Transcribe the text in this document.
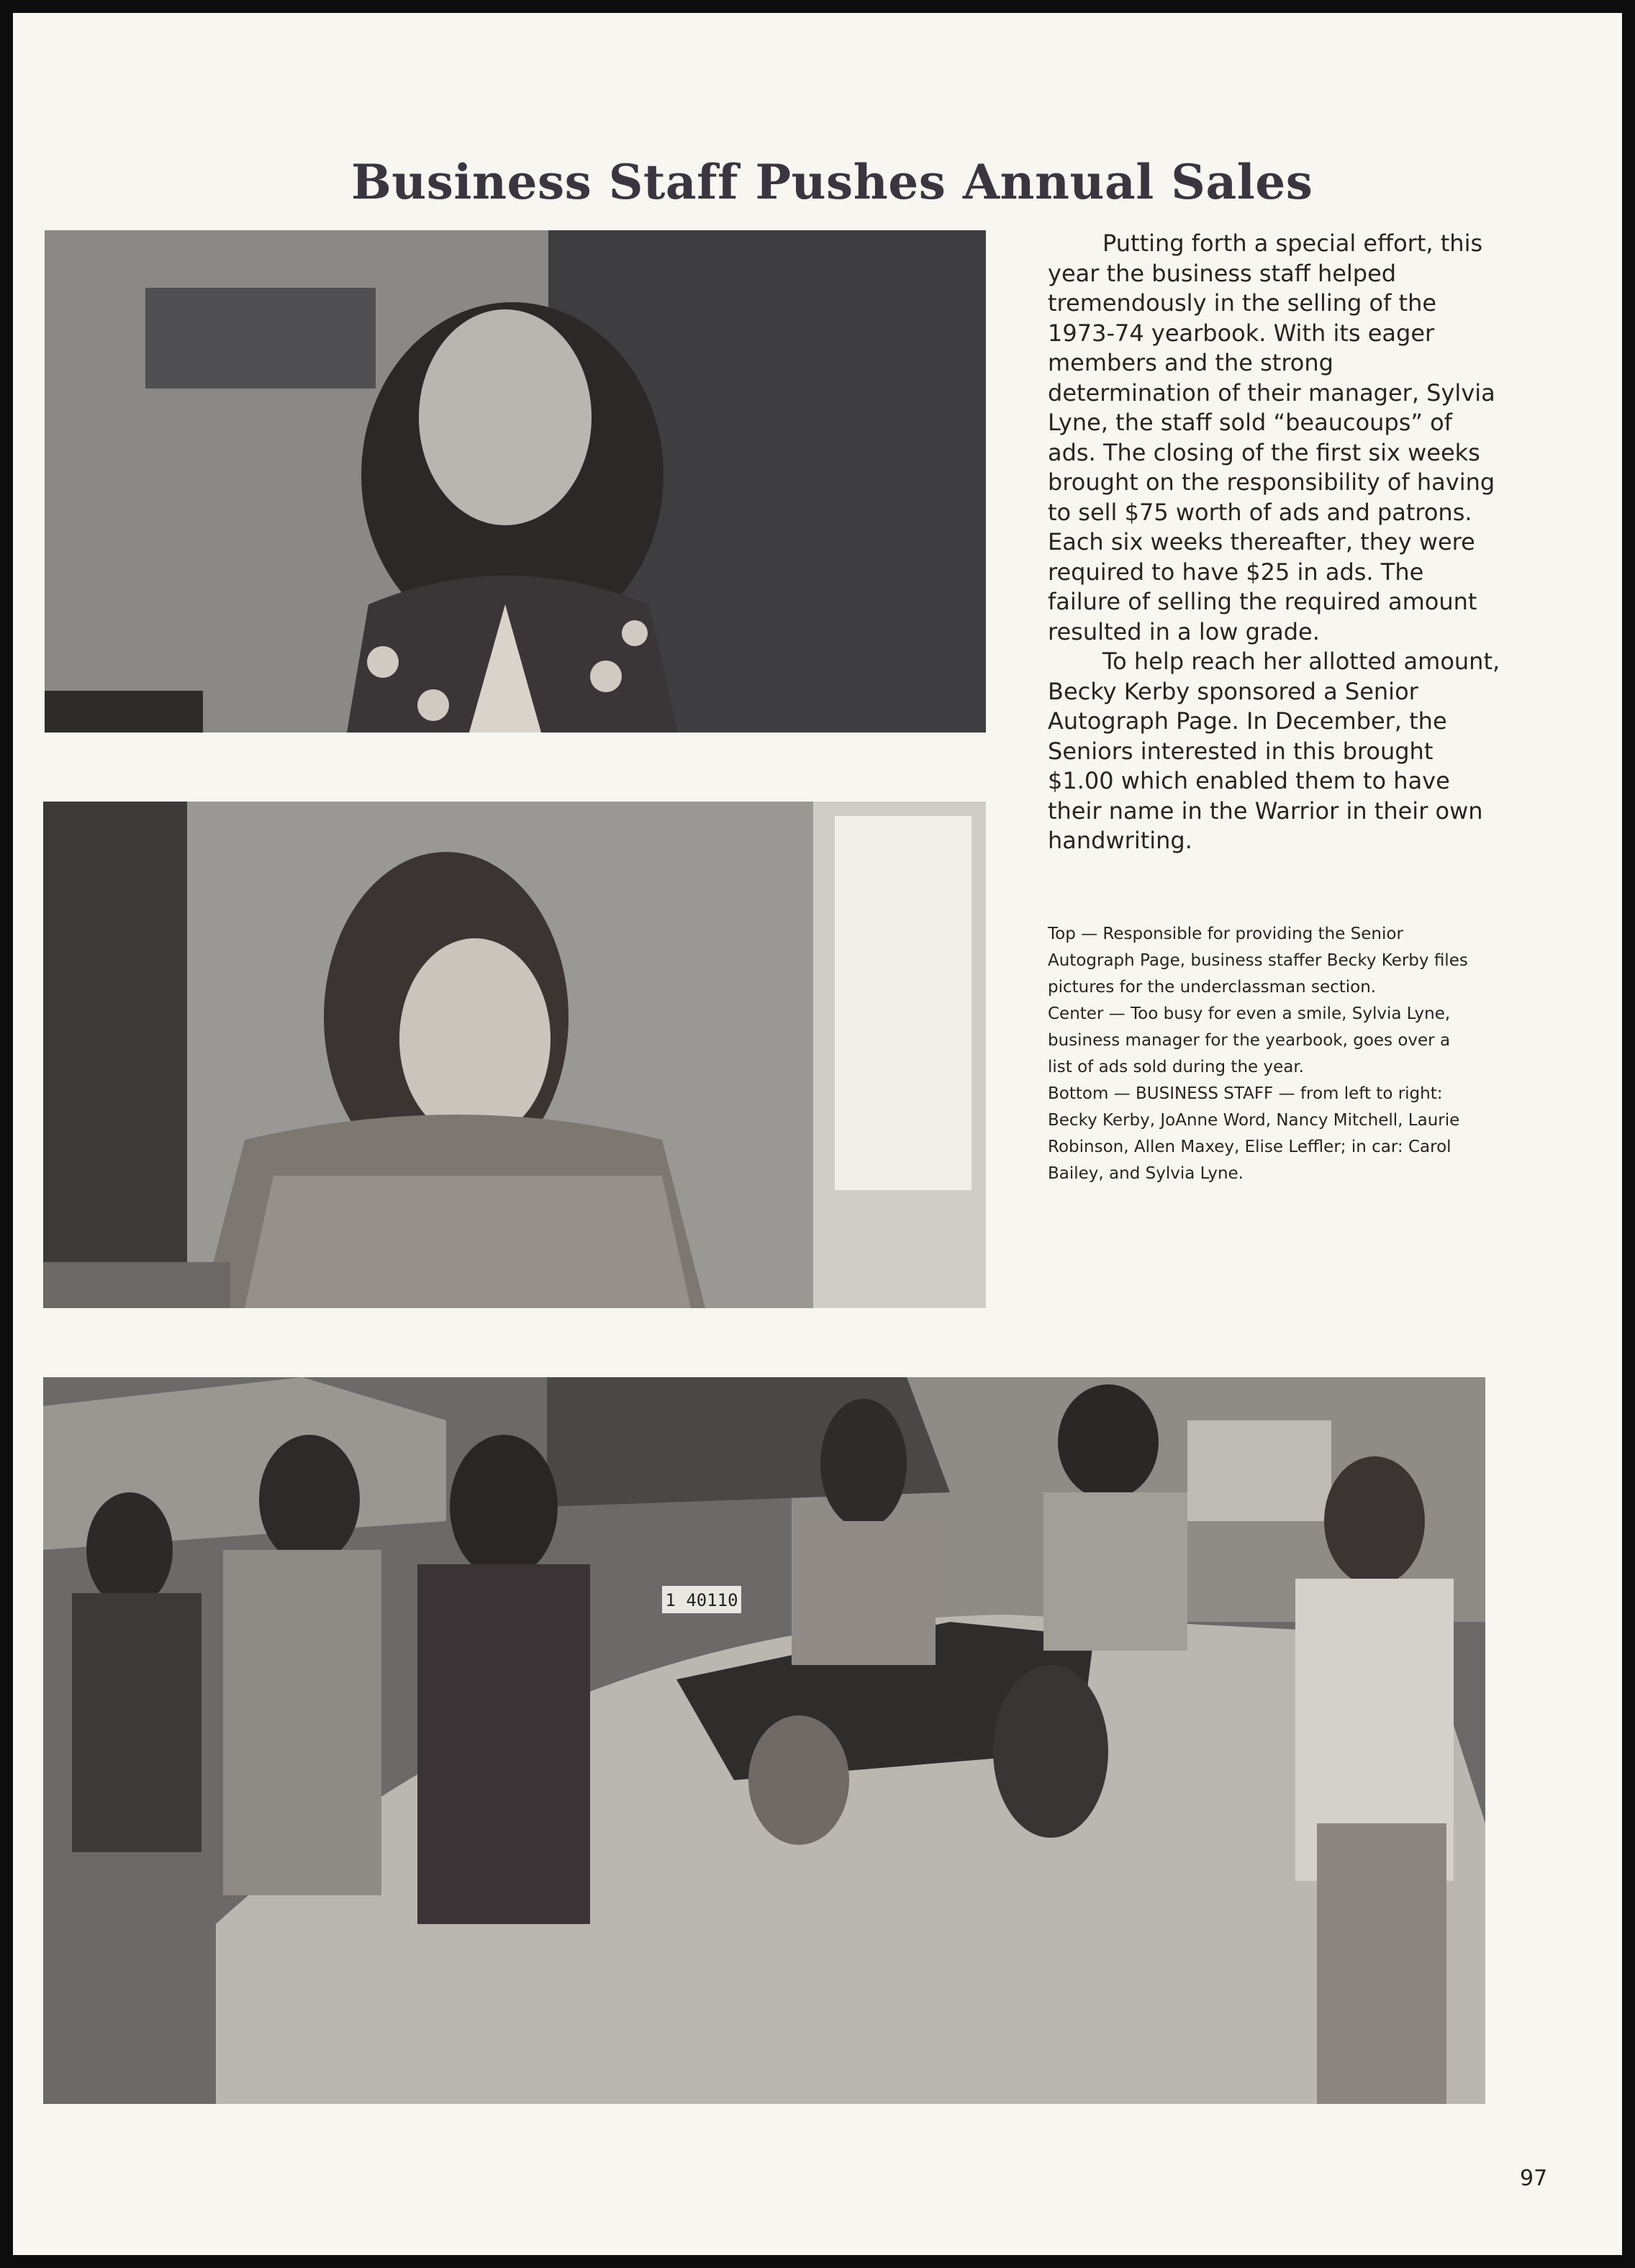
Business Staff Pushes Annual Sales
1 40110

Putting forth a special effort, this year the business staff helped tremendously in the selling of the 1973-74 yearbook. With its eager members and the strong determination of their manager, Sylvia Lyne, the staff sold “beaucoups” of ads. The closing of the first six weeks brought on the responsibility of having to sell $75 worth of ads and patrons. Each six weeks thereafter, they were required to have $25 in ads. The failure of selling the required amount resulted in a low grade.

To help reach her allotted amount, Becky Kerby sponsored a Senior Autograph Page. In December, the Seniors interested in this brought $1.00 which enabled them to have their name in the Warrior in their own handwriting.

Top — Responsible for providing the Senior Autograph Page, business staffer Becky Kerby files pictures for the underclassman section.

Center — Too busy for even a smile, Sylvia Lyne, business manager for the yearbook, goes over a list of ads sold during the year.

Bottom — BUSINESS STAFF — from left to right: Becky Kerby, JoAnne Word, Nancy Mitchell, Laurie Robinson, Allen Maxey, Elise Leffler; in car: Carol Bailey, and Sylvia Lyne.

97
